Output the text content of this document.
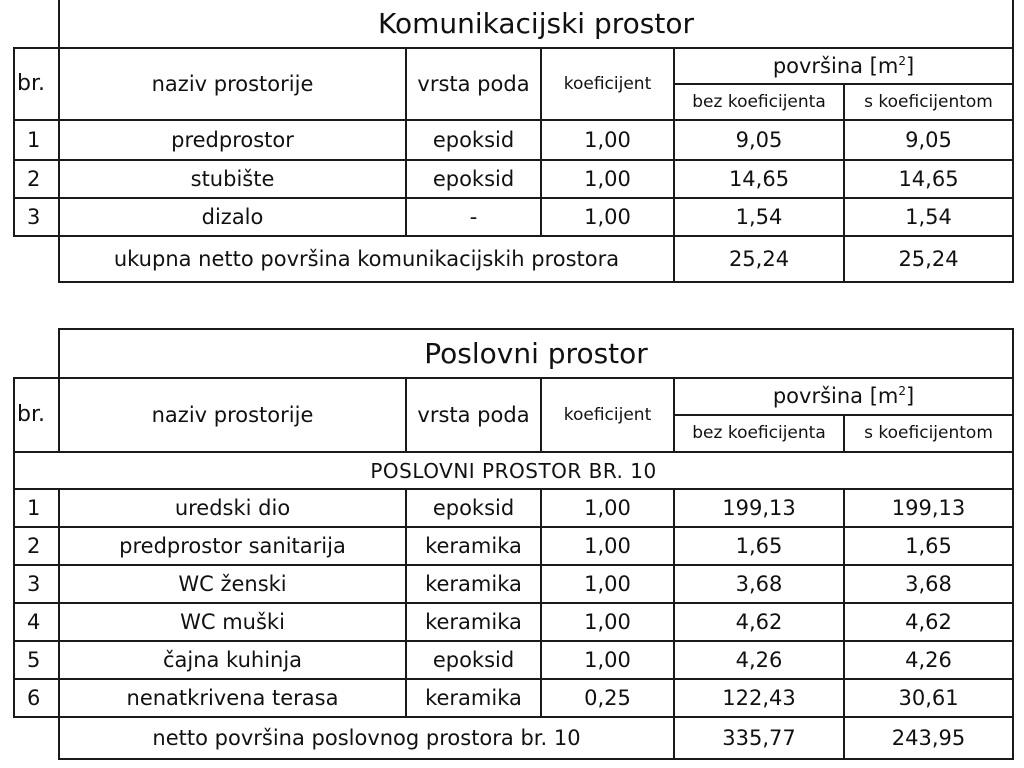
	Komunikacijski prostor				
br.	naziv prostorije	vrsta poda	koeficijent	površina $[m^2]$	
				bez koeficijenta	s koeficijentom
1	predprostor	epoksid	1,00	9,05	9,05
2	stubište	epoksid	1,00	14,65	14,65
3	dizalo	-	1,00	1,54	1,54
	ukupna netto površina komunikacijskih prostora			25,24	25,24
	Poslovni prostor				
br.	naziv prostorije	vrsta poda	koeficijent	površina $[m^2]$	
				bez koeficijenta	s koeficijentom
POSLOVNI PROSTOR BR. 10					
1	uredski dio	epoksid	1,00	199,13	199,13
2	predprostor sanitarija	keramika	1,00	1,65	1,65
3	WC ženski	keramika	1,00	3,68	3,68
4	WC muški	keramika	1,00	4,62	4,62
5	čajna kuhinja	epoksid	1,00	4,26	4,26
6	nenatkrivena terasa	keramika	0,25	122,43	30,61
	netto površina poslovnog prostora br. 10			335,77	243,95
